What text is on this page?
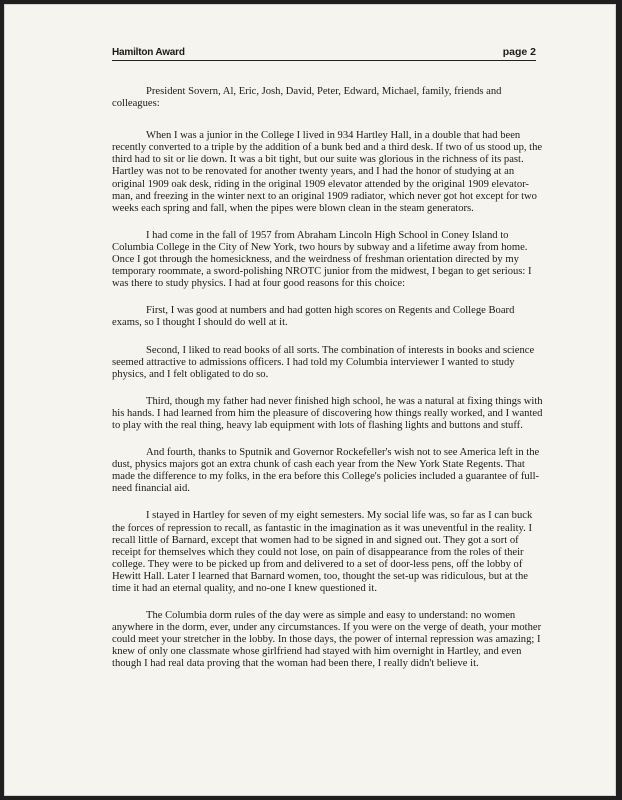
Hamilton Award	page 2

President Sovern, Al, Eric, Josh, David, Peter, Edward, Michael, family, friends and colleagues:

When I was a junior in the College I lived in 934 Hartley Hall, in a double that had been recently converted to a triple by the addition of a bunk bed and a third desk. If two of us stood up, the third had to sit or lie down. It was a bit tight, but our suite was glorious in the richness of its past. Hartley was not to be renovated for another twenty years, and I had the honor of studying at an original 1909 oak desk, riding in the original 1909 elevator attended by the original 1909 elevator-man, and freezing in the winter next to an original 1909 radiator, which never got hot except for two weeks each spring and fall, when the pipes were blown clean in the steam generators.

I had come in the fall of 1957 from Abraham Lincoln High School in Coney Island to Columbia College in the City of New York, two hours by subway and a lifetime away from home. Once I got through the homesickness, and the weirdness of freshman orientation directed by my temporary roommate, a sword-polishing NROTC junior from the midwest, I began to get serious: I was there to study physics. I had at four good reasons for this choice:

First, I was good at numbers and had gotten high scores on Regents and College Board exams, so I thought I should do well at it.

Second, I liked to read books of all sorts. The combination of interests in books and science seemed attractive to admissions officers. I had told my Columbia interviewer I wanted to study physics, and I felt obligated to do so.

Third, though my father had never finished high school, he was a natural at fixing things with his hands. I had learned from him the pleasure of discovering how things really worked, and I wanted to play with the real thing, heavy lab equipment with lots of flashing lights and buttons and stuff.

And fourth, thanks to Sputnik and Governor Rockefeller's wish not to see America left in the dust, physics majors got an extra chunk of cash each year from the New York State Regents. That made the difference to my folks, in the era before this College's policies included a guarantee of full-need financial aid.

I stayed in Hartley for seven of my eight semesters. My social life was, so far as I can buck the forces of repression to recall, as fantastic in the imagination as it was uneventful in the reality. I recall little of Barnard, except that women had to be signed in and signed out. They got a sort of receipt for themselves which they could not lose, on pain of disappearance from the roles of their college. They were to be picked up from and delivered to a set of door-less pens, off the lobby of Hewitt Hall. Later I learned that Barnard women, too, thought the set-up was ridiculous, but at the time it had an eternal quality, and no-one I knew questioned it.

The Columbia dorm rules of the day were as simple and easy to understand: no women anywhere in the dorm, ever, under any circumstances. If you were on the verge of death, your mother could meet your stretcher in the lobby. In those days, the power of internal repression was amazing; I knew of only one classmate whose girlfriend had stayed with him overnight in Hartley, and even though I had real data proving that the woman had been there, I really didn't believe it.
